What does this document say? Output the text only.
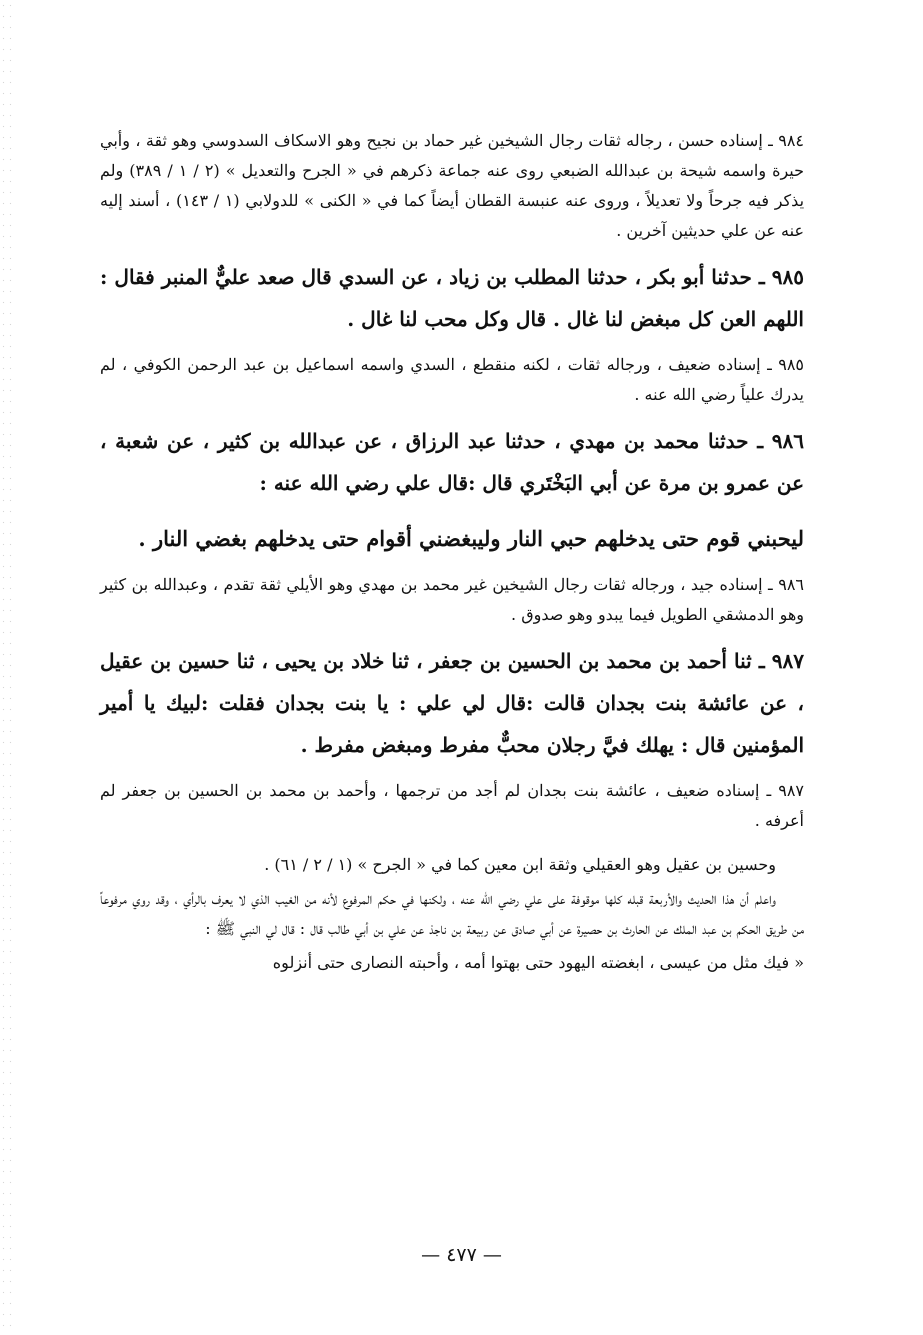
٩٨٤ ـ إسناده حسن ، رجاله ثقات رجال الشيخين غير حماد بن نجيح وهو الاسكاف السدوسي وهو ثقة ، وأبي حيرة واسمه شيحة بن عبدالله الضبعي روى عنه جماعة ذكرهم في « الجرح والتعديل » (٢ / ١ / ٣٨٩) ولم يذكر فيه جرحاً ولا تعديلاً ، وروى عنه عنبسة القطان أيضاً كما في « الكنى » للدولابي (١ / ١٤٣) ، أسند إليه عنه عن علي حديثين آخرين .

٩٨٥ ـ حدثنا أبو بكر ، حدثنا المطلب بن زياد ، عن السدي قال صعد عليٌّ المنبر فقال : اللهم العن كل مبغض لنا غال . قال وكل محب لنا غال .

٩٨٥ ـ إسناده ضعيف ، ورجاله ثقات ، لكنه منقطع ، السدي واسمه اسماعيل بن عبد الرحمن الكوفي ، لم يدرك علياً رضي الله عنه .

٩٨٦ ـ حدثنا محمد بن مهدي ، حدثنا عبد الرزاق ، عن عبدالله بن كثير ، عن شعبة ، عن عمرو بن مرة عن أبي البَخْتَري قال :قال علي رضي الله عنه :

ليحبني قوم حتى يدخلهم حبي النار وليبغضني أقوام حتى يدخلهم بغضي النار .

٩٨٦ ـ إسناده جيد ، ورجاله ثقات رجال الشيخين غير محمد بن مهدي وهو الأيلي ثقة تقدم ، وعبدالله بن كثير وهو الدمشقي الطويل فيما يبدو وهو صدوق .

٩٨٧ ـ ثنا أحمد بن محمد بن الحسين بن جعفر ، ثنا خلاد بن يحيى ، ثنا حسين بن عقيل ، عن عائشة بنت بجدان قالت :قال لي علي : يا بنت بجدان فقلت :لبيك يا أمير المؤمنين قال : يهلك فيَّ رجلان محبٌّ مفرط ومبغض مفرط .

٩٨٧ ـ إسناده ضعيف ، عائشة بنت بجدان لم أجد من ترجمها ، وأحمد بن محمد بن الحسين بن جعفر لم أعرفه .

وحسين بن عقيل وهو العقيلي وثقة ابن معين كما في « الجرح » (١ / ٢ / ٦١) .

واعلم أن هذا الحديث والأربعة قبله كلها موقوفة على علي رضي الله عنه ، ولكنها في حكم المرفوع لأنه من الغيب الذي لا يعرف بالرأي ، وقد روي مرفوعاً من طريق الحكم بن عبد الملك عن الحارث بن حصيرة عن أبي صادق عن ربيعة بن ناجذ عن علي بن أبي طالب قال : قال لي النبي ﷺ :

« فيك مثل من عيسى ، ابغضته اليهود حتى بهتوا أمه ، وأحبته النصارى حتى أنزلوه

— ٤٧٧ —
